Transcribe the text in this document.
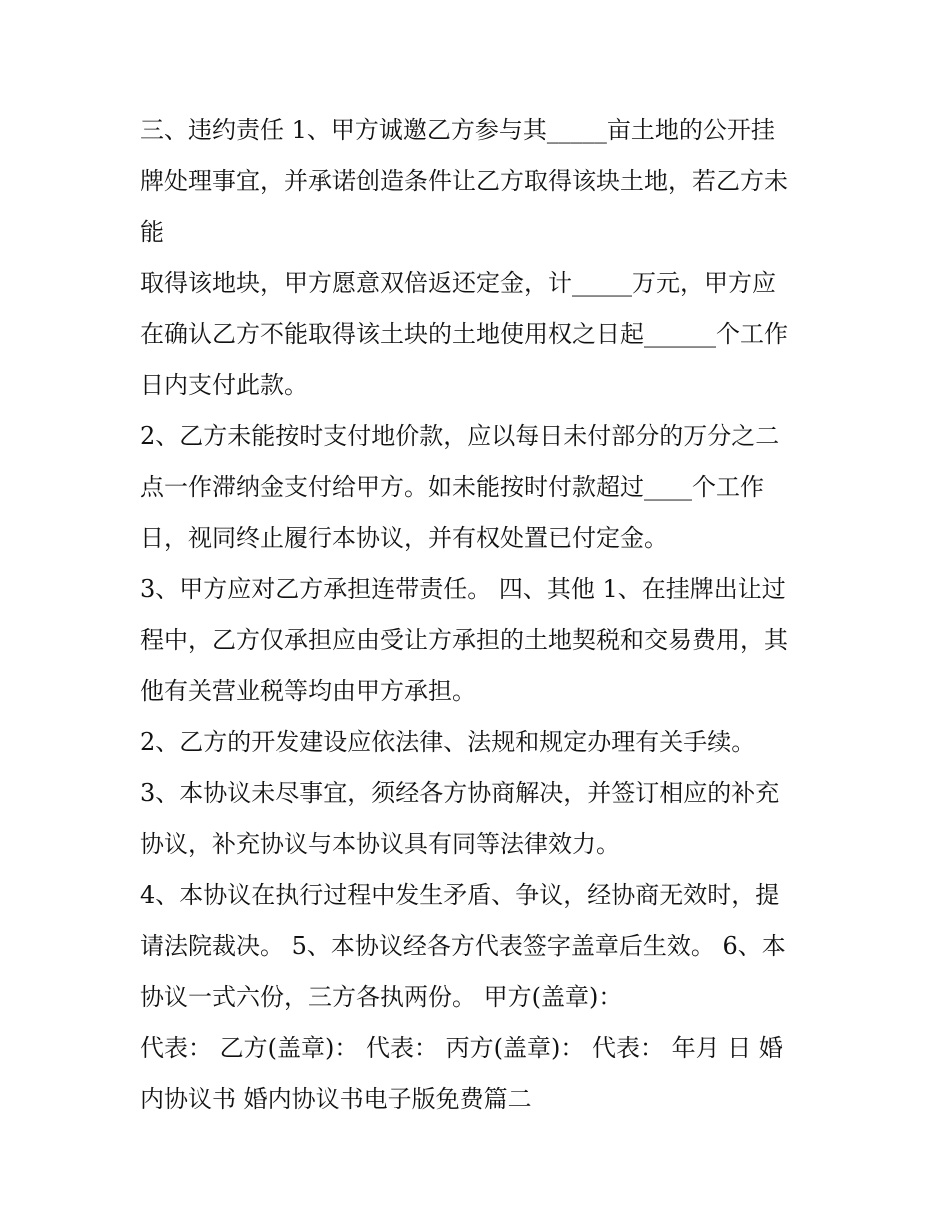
三、违约责任 1、甲方诚邀乙方参与其_____亩土地的公开挂
牌处理事宜，并承诺创造条件让乙方取得该块土地，若乙方未
能
取得该地块，甲方愿意双倍返还定金，计_____万元，甲方应
在确认乙方不能取得该土块的土地使用权之日起______个工作
日内支付此款。
2、乙方未能按时支付地价款，应以每日未付部分的万分之二
点一作滞纳金支付给甲方。如未能按时付款超过____个工作
日，视同终止履行本协议，并有权处置已付定金。
3、甲方应对乙方承担连带责任。 四、其他 1、在挂牌出让过
程中，乙方仅承担应由受让方承担的土地契税和交易费用，其
他有关营业税等均由甲方承担。
2、乙方的开发建设应依法律、法规和规定办理有关手续。
3、本协议未尽事宜，须经各方协商解决，并签订相应的补充
协议，补充协议与本协议具有同等法律效力。
4、本协议在执行过程中发生矛盾、争议，经协商无效时，提
请法院裁决。 5、本协议经各方代表签字盖章后生效。 6、本
协议一式六份，三方各执两份。 甲方(盖章)：
代表： 乙方(盖章)： 代表： 丙方(盖章)： 代表： 年月 日 婚
内协议书 婚内协议书电子版免费篇二
